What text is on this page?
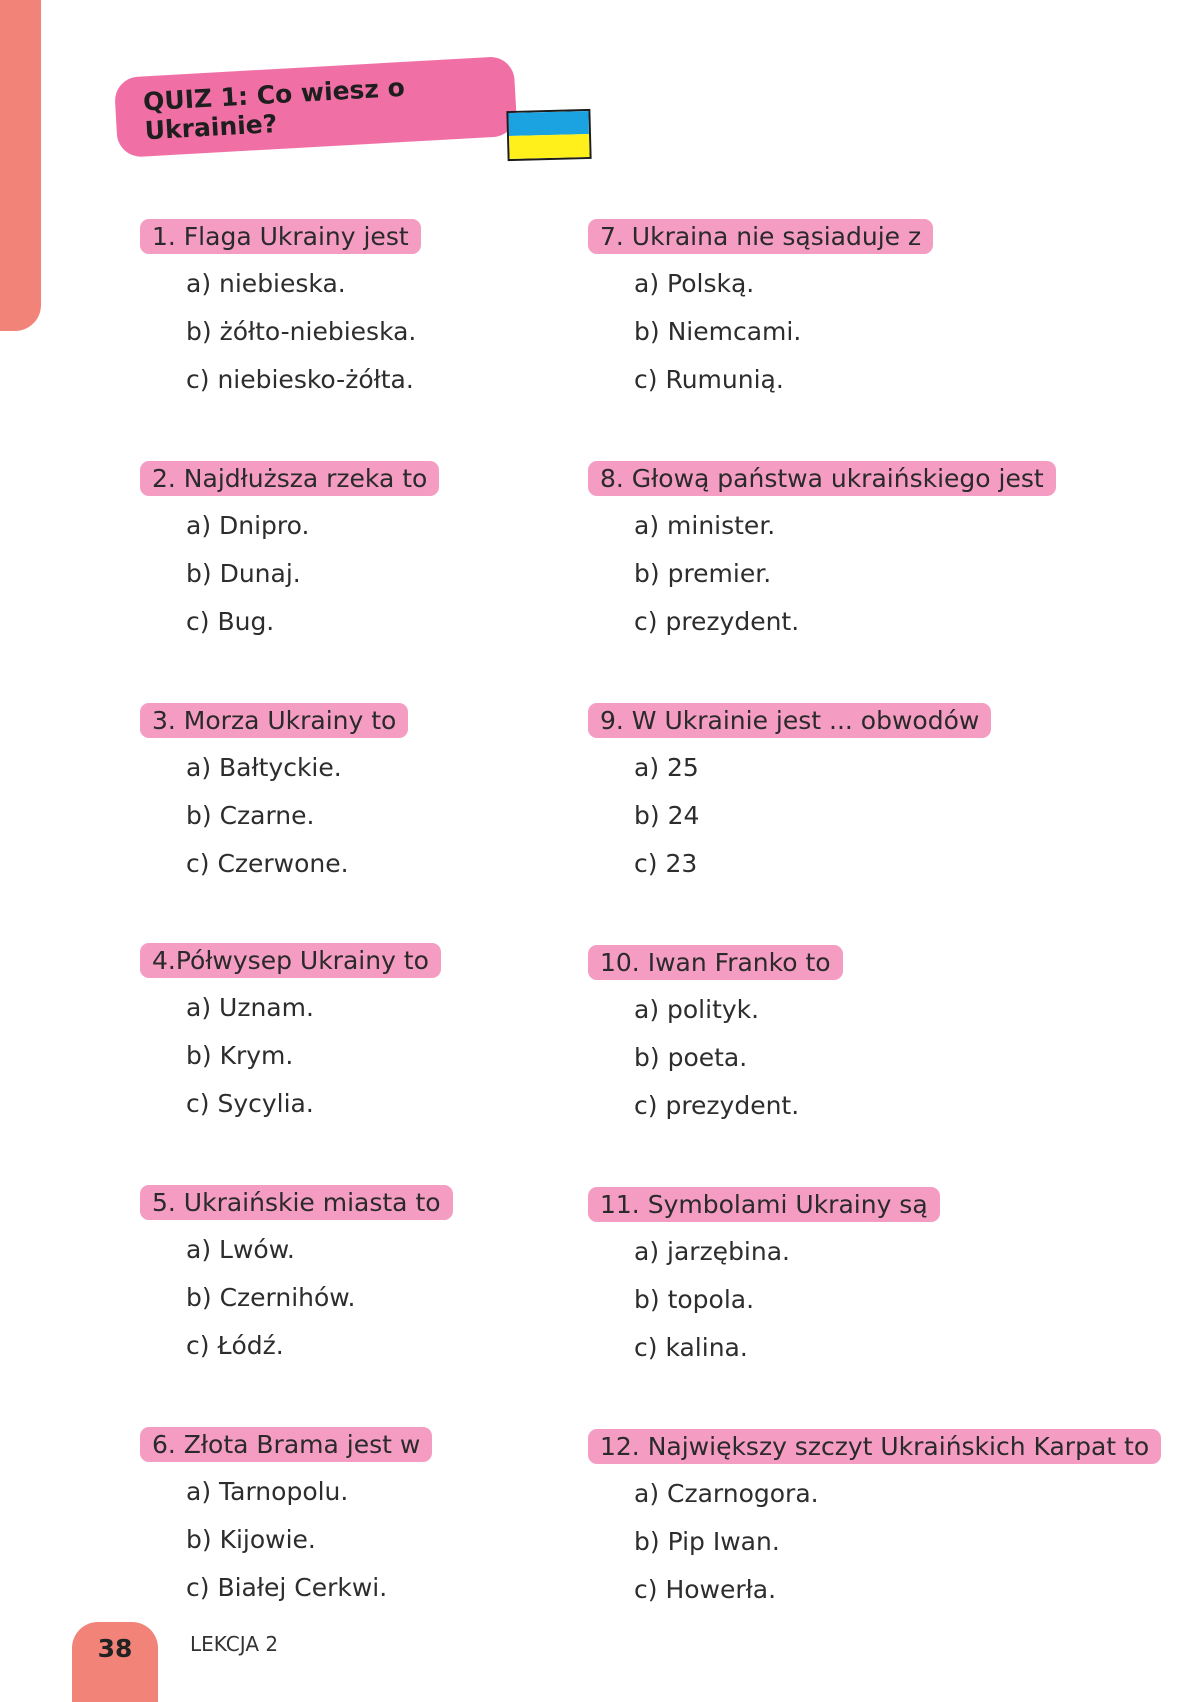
QUIZ 1: Co wiesz o Ukrainie?
1. Flaga Ukrainy jest
a) niebieska.
b) żółto-niebieska.
c) niebiesko-żółta.
2. Najdłuższa rzeka to
a) Dnipro.
b) Dunaj.
c) Bug.
3. Morza Ukrainy to
a) Bałtyckie.
b) Czarne.
c) Czerwone.
4.Półwysep Ukrainy to
a) Uznam.
b) Krym.
c) Sycylia.
5. Ukraińskie miasta to
a) Lwów.
b) Czernihów.
c) Łódź.
6. Złota Brama jest w
a) Tarnopolu.
b) Kijowie.
c) Białej Cerkwi.
7. Ukraina nie sąsiaduje z
a) Polską.
b) Niemcami.
c) Rumunią.
8. Głową państwa ukraińskiego jest
a) minister.
b) premier.
c) prezydent.
9. W Ukrainie jest ... obwodów
a) 25
b) 24
c) 23
10. Iwan Franko to
a) polityk.
b) poeta.
c) prezydent.
11. Symbolami Ukrainy są
a) jarzębina.
b) topola.
c) kalina.
12. Największy szczyt Ukraińskich Karpat to
a) Czarnogora.
b) Pip Iwan.
c) Howerła.
38	LEKCJA 2
